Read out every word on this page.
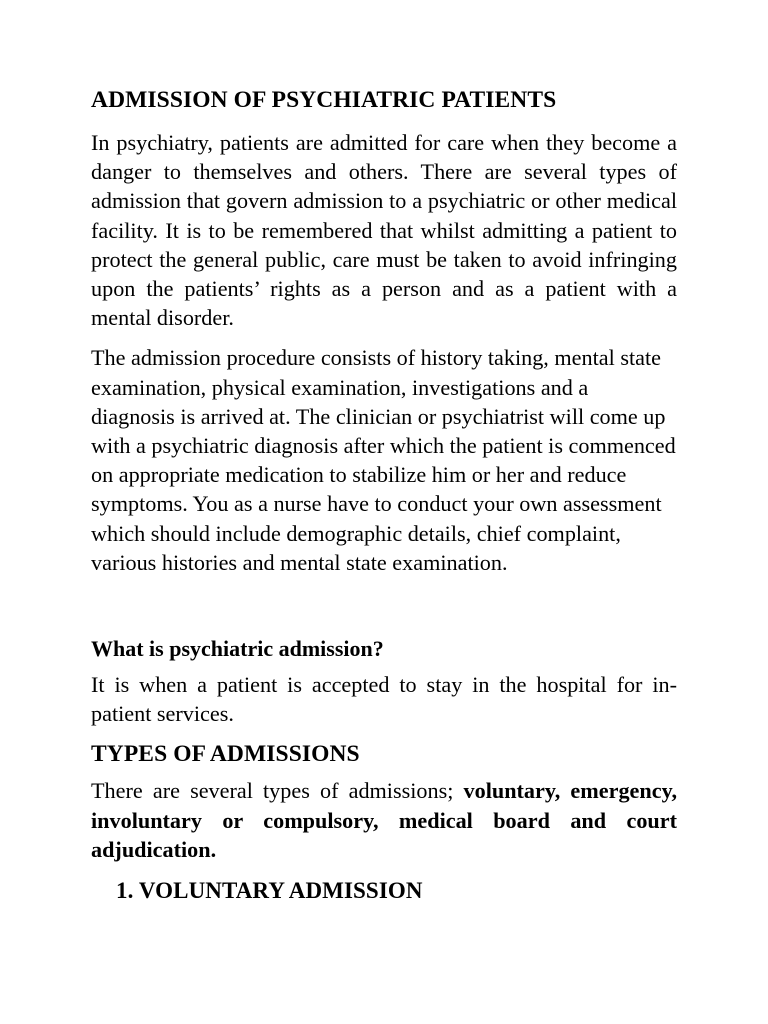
ADMISSION OF PSYCHIATRIC PATIENTS

In psychiatry, patients are admitted for care when they become a danger to themselves and others. There are several types of admission that govern admission to a psychiatric or other medical facility. It is to be remembered that whilst admitting a patient to protect the general public, care must be taken to avoid infringing upon the patients’ rights as a person and as a patient with a mental disorder.

The admission procedure consists of history taking, mental state examination, physical examination, investigations and a diagnosis is arrived at. The clinician or psychiatrist will come up with a psychiatric diagnosis after which the patient is commenced on appropriate medication to stabilize him or her and reduce symptoms. You as a nurse have to conduct your own assessment which should include demographic details, chief complaint, various histories and mental state examination.

What is psychiatric admission?

It is when a patient is accepted to stay in the hospital for in-patient services.

TYPES OF ADMISSIONS

There are several types of admissions; voluntary, emergency, involuntary or compulsory, medical board and court adjudication.

1. VOLUNTARY ADMISSION
